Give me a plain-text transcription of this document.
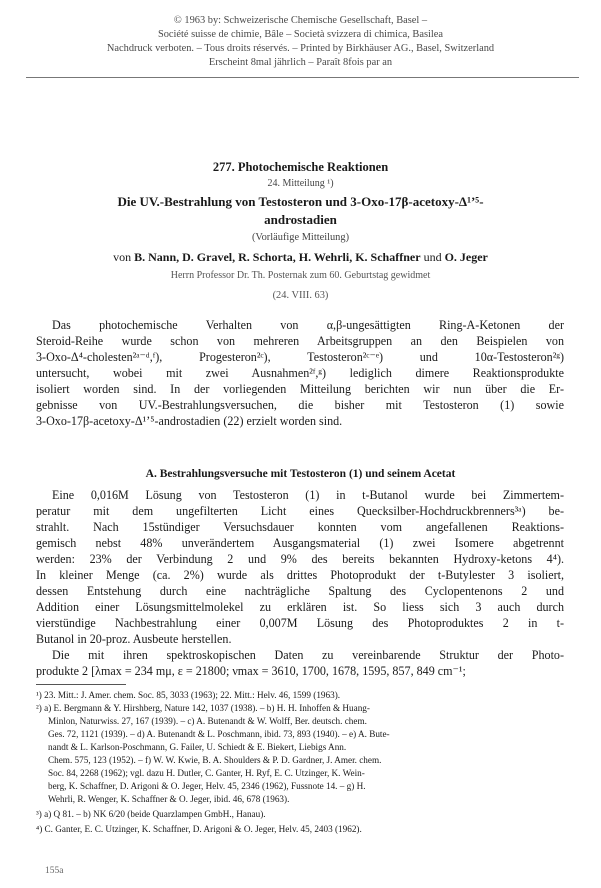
© 1963 by: Schweizerische Chemische Gesellschaft, Basel –
Société suisse de chimie, Bâle – Società svizzera di chimica, Basilea
Nachdruck verboten. – Tous droits réservés. – Printed by Birkhäuser AG., Basel, Switzerland
Erscheint 8mal jährlich – Paraît 8fois par an
277. Photochemische Reaktionen
24. Mitteilung ¹)
Die UV.-Bestrahlung von Testosteron und 3-Oxo-17β-acetoxy-Δ¹ʼ⁵-
androstadien
(Vorläufige Mitteilung)
von B. Nann, D. Gravel, R. Schorta, H. Wehrli, K. Schaffner und O. Jeger
Herrn Professor Dr. Th. Posternak zum 60. Geburtstag gewidmet
(24. VIII. 63)
Das photochemische Verhalten von α,β-ungesättigten Ring-A-Ketonen der
Steroid-Reihe wurde schon von mehreren Arbeitsgruppen an den Beispielen von
3-Oxo-Δ⁴-cholesten²ᵃ⁻ᵈ,ᶠ), Progesteron²ᶜ), Testosteron²ᶜ⁻ᵉ) und 10α-Testosteron²ᵍ)
untersucht, wobei mit zwei Ausnahmen²ᶠ,ᵍ) lediglich dimere Reaktionsprodukte
isoliert worden sind. In der vorliegenden Mitteilung berichten wir nun über die Er-
gebnisse von UV.-Bestrahlungsversuchen, die bisher mit Testosteron (1) sowie
3-Oxo-17β-acetoxy-Δ¹ʼ⁵-androstadien (22) erzielt worden sind.
A. Bestrahlungsversuche mit Testosteron (1) und seinem Acetat
Eine 0,016M Lösung von Testosteron (1) in t-Butanol wurde bei Zimmertem-
peratur mit dem ungefilterten Licht eines Quecksilber-Hochdruckbrenners³ᵃ) be-
strahlt. Nach 15stündiger Versuchsdauer konnten vom angefallenen Reaktions-
gemisch nebst 48% unverändertem Ausgangsmaterial (1) zwei Isomere abgetrennt
werden: 23% der Verbindung 2 und 9% des bereits bekannten Hydroxy-ketons 4⁴).
In kleiner Menge (ca. 2%) wurde als drittes Photoprodukt der t-Butylester 3 isoliert,
dessen Entstehung durch eine nachträgliche Spaltung des Cyclopentenons 2 und
Addition einer Lösungsmittelmolekel zu erklären ist. So liess sich 3 auch durch
vierstündige Nachbestrahlung einer 0,007M Lösung des Photoproduktes 2 in t-
Butanol in 20-proz. Ausbeute herstellen.
Die mit ihren spektroskopischen Daten zu vereinbarende Struktur der Photo-
produkte 2 [λmax = 234 mμ, ε = 21800; νmax = 3610, 1700, 1678, 1595, 857, 849 cm⁻¹;
¹) 23. Mitt.: J. Amer. chem. Soc. 85, 3033 (1963); 22. Mitt.: Helv. 46, 1599 (1963).
²) a) E. Bergmann & Y. Hirshberg, Nature 142, 1037 (1938). – b) H. H. Inhoffen & Huang-
Minlon, Naturwiss. 27, 167 (1939). – c) A. Butenandt & W. Wolff, Ber. deutsch. chem.
Ges. 72, 1121 (1939). – d) A. Butenandt & L. Poschmann, ibid. 73, 893 (1940). – e) A. Bute-
nandt & L. Karlson-Poschmann, G. Failer, U. Schiedt & E. Biekert, Liebigs Ann.
Chem. 575, 123 (1952). – f) W. W. Kwie, B. A. Shoulders & P. D. Gardner, J. Amer. chem.
Soc. 84, 2268 (1962); vgl. dazu H. Dutler, C. Ganter, H. Ryf, E. C. Utzinger, K. Wein-
berg, K. Schaffner, D. Arigoni & O. Jeger, Helv. 45, 2346 (1962), Fussnote 14. – g) H.
Wehrli, R. Wenger, K. Schaffner & O. Jeger, ibid. 46, 678 (1963).
³) a) Q 81. – b) NK 6/20 (beide Quarzlampen GmbH., Hanau).
⁴) C. Ganter, E. C. Utzinger, K. Schaffner, D. Arigoni & O. Jeger, Helv. 45, 2403 (1962).
155a
